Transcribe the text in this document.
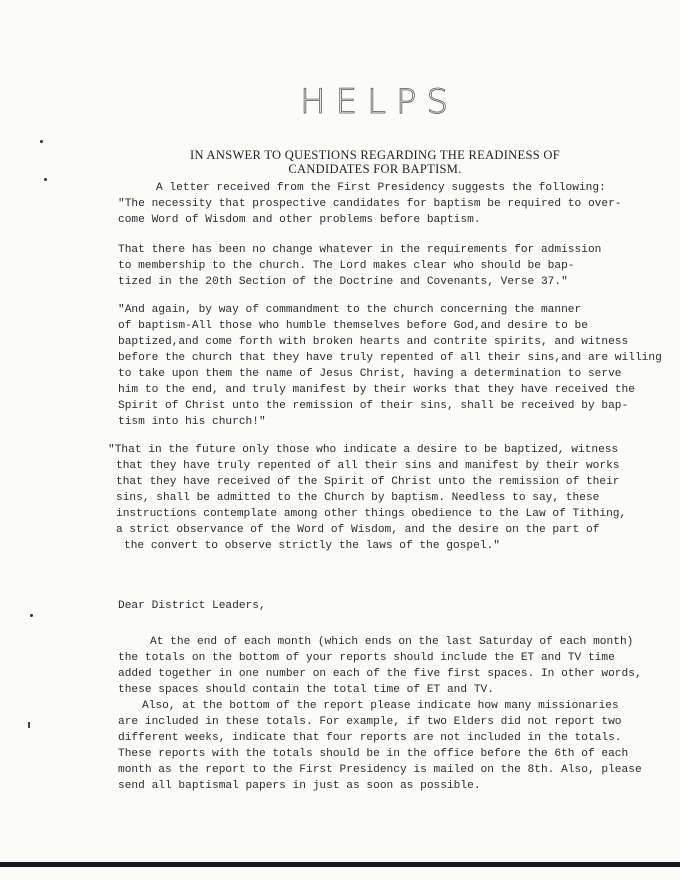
HELPS
IN ANSWER TO QUESTIONS REGARDING THE READINESS OF
CANDIDATES FOR BAPTISM.
A letter received from the First Presidency suggests the following:
"The necessity that prospective candidates for baptism be required to over-
come Word of Wisdom and other problems before baptism.
That there has been no change whatever in the requirements for admission
to membership to the church. The Lord makes clear who should be bap-
tized in the 20th Section of the Doctrine and Covenants, Verse 37."
"And again, by way of commandment to the church concerning the manner
of baptism-All those who humble themselves before God,and desire to be
baptized,and come forth with broken hearts and contrite spirits, and witness
before the church that they have truly repented of all their sins,and are willing
to take upon them the name of Jesus Christ, having a determination to serve
him to the end, and truly manifest by their works that they have received the
Spirit of Christ unto the remission of their sins, shall be received by bap-
tism into his church!"
"That in the future only those who indicate a desire to be baptized, witness
that they have truly repented of all their sins and manifest by their works
that they have received of the Spirit of Christ unto the remission of their
sins, shall be admitted to the Church by baptism. Needless to say, these
instructions contemplate among other things obedience to the Law of Tithing,
a strict observance of the Word of Wisdom, and the desire on the part of
the convert to observe strictly the laws of the gospel."
Dear District Leaders,
At the end of each month (which ends on the last Saturday of each month)
the totals on the bottom of your reports should include the ET and TV time
added together in one number on each of the five first spaces. In other words,
these spaces should contain the total time of ET and TV.
Also, at the bottom of the report please indicate how many missionaries
are included in these totals. For example, if two Elders did not report two
different weeks, indicate that four reports are not included in the totals.
These reports with the totals should be in the office before the 6th of each
month as the report to the First Presidency is mailed on the 8th. Also, please
send all baptismal papers in just as soon as possible.
